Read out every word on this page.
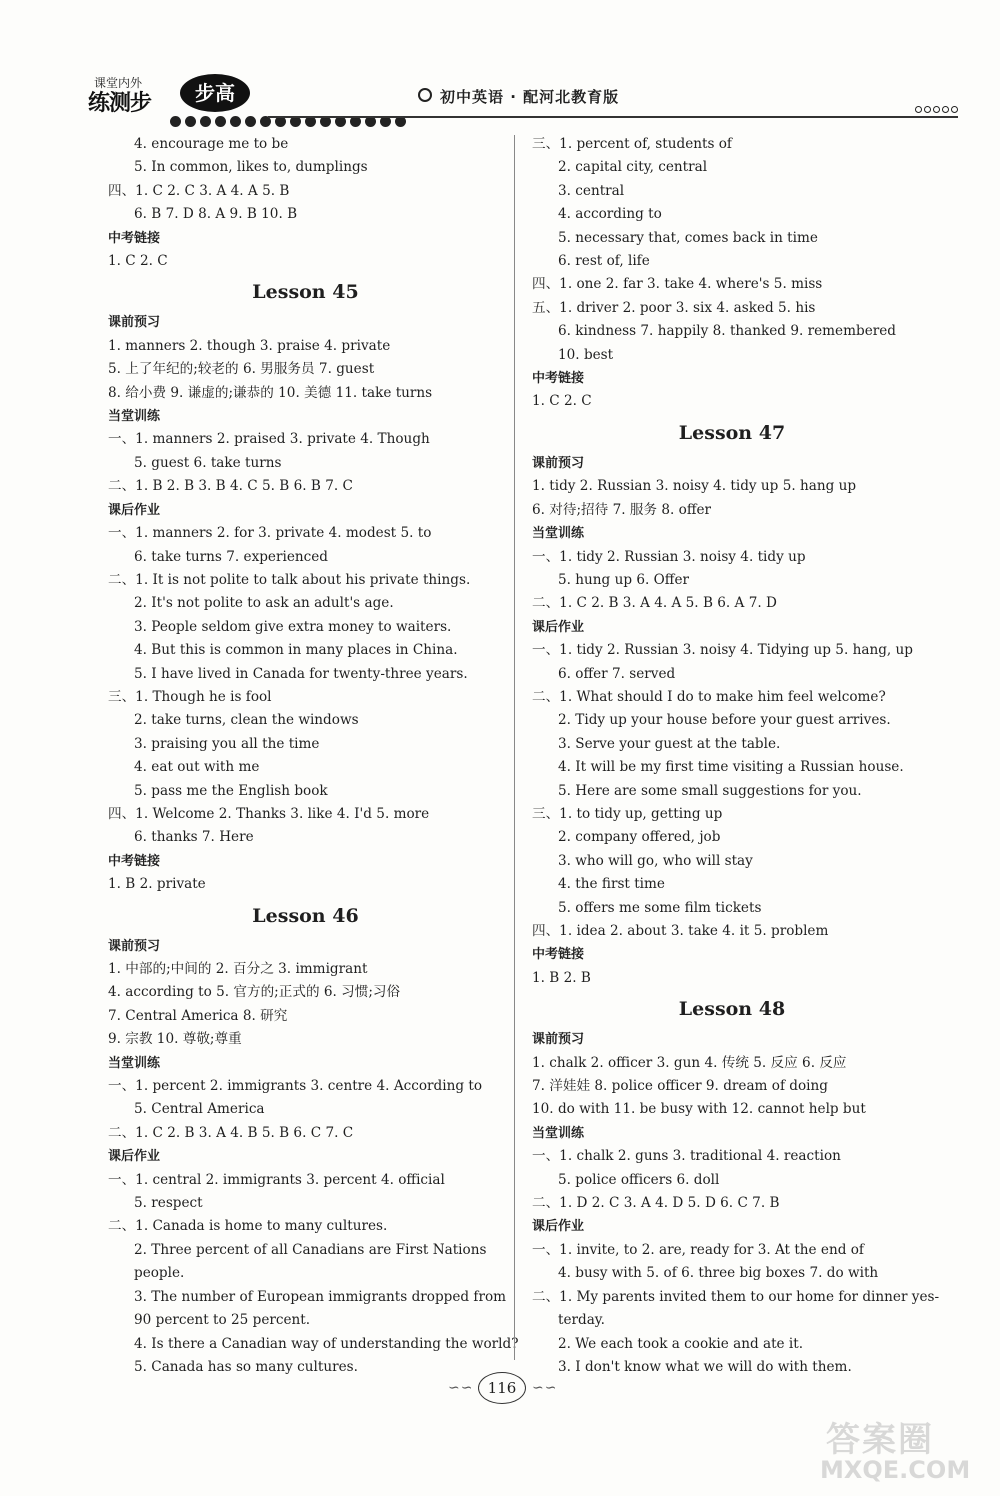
课堂内外
练测步	步高	初中英语 · 配河北教育版
4. encourage me to be
5. In common, likes to, dumplings
四、1. C 2. C 3. A 4. A 5. B
6. B 7. D 8. A 9. B 10. B
中考链接
1. C 2. C
Lesson 45
课前预习
1. manners 2. though 3. praise 4. private
5. 上了年纪的;较老的 6. 男服务员 7. guest
8. 给小费 9. 谦虚的;谦恭的 10. 美德 11. take turns
当堂训练
一、1. manners 2. praised 3. private 4. Though
5. guest 6. take turns
二、1. B 2. B 3. B 4. C 5. B 6. B 7. C
课后作业
一、1. manners 2. for 3. private 4. modest 5. to
6. take turns 7. experienced
二、1. It is not polite to talk about his private things.
2. It's not polite to ask an adult's age.
3. People seldom give extra money to waiters.
4. But this is common in many places in China.
5. I have lived in Canada for twenty-three years.
三、1. Though he is fool
2. take turns, clean the windows
3. praising you all the time
4. eat out with me
5. pass me the English book
四、1. Welcome 2. Thanks 3. like 4. I'd 5. more
6. thanks 7. Here
中考链接
1. B 2. private
Lesson 46
课前预习
1. 中部的;中间的 2. 百分之 3. immigrant
4. according to 5. 官方的;正式的 6. 习惯;习俗
7. Central America 8. 研究
9. 宗教 10. 尊敬;尊重
当堂训练
一、1. percent 2. immigrants 3. centre 4. According to
5. Central America
二、1. C 2. B 3. A 4. B 5. B 6. C 7. C
课后作业
一、1. central 2. immigrants 3. percent 4. official
5. respect
二、1. Canada is home to many cultures.
2. Three percent of all Canadians are First Nations
people.
3. The number of European immigrants dropped from
90 percent to 25 percent.
4. Is there a Canadian way of understanding the world?
5. Canada has so many cultures.
三、1. percent of, students of
2. capital city, central
3. central
4. according to
5. necessary that, comes back in time
6. rest of, life
四、1. one 2. far 3. take 4. where's 5. miss
五、1. driver 2. poor 3. six 4. asked 5. his
6. kindness 7. happily 8. thanked 9. remembered
10. best
中考链接
1. C 2. C
Lesson 47
课前预习
1. tidy 2. Russian 3. noisy 4. tidy up 5. hang up
6. 对待;招待 7. 服务 8. offer
当堂训练
一、1. tidy 2. Russian 3. noisy 4. tidy up
5. hung up 6. Offer
二、1. C 2. B 3. A 4. A 5. B 6. A 7. D
课后作业
一、1. tidy 2. Russian 3. noisy 4. Tidying up 5. hang, up
6. offer 7. served
二、1. What should I do to make him feel welcome?
2. Tidy up your house before your guest arrives.
3. Serve your guest at the table.
4. It will be my first time visiting a Russian house.
5. Here are some small suggestions for you.
三、1. to tidy up, getting up
2. company offered, job
3. who will go, who will stay
4. the first time
5. offers me some film tickets
四、1. idea 2. about 3. take 4. it 5. problem
中考链接
1. B 2. B
Lesson 48
课前预习
1. chalk 2. officer 3. gun 4. 传统 5. 反应 6. 反应
7. 洋娃娃 8. police officer 9. dream of doing
10. do with 11. be busy with 12. cannot help but
当堂训练
一、1. chalk 2. guns 3. traditional 4. reaction
5. police officers 6. doll
二、1. D 2. C 3. A 4. D 5. D 6. C 7. B
课后作业
一、1. invite, to 2. are, ready for 3. At the end of
4. busy with 5. of 6. three big boxes 7. do with
二、1. My parents invited them to our home for dinner yes-
terday.
2. We each took a cookie and ate it.
3. I don't know what we will do with them.
∽∽ 116	∽∽
答案圈
MXQE.COM
